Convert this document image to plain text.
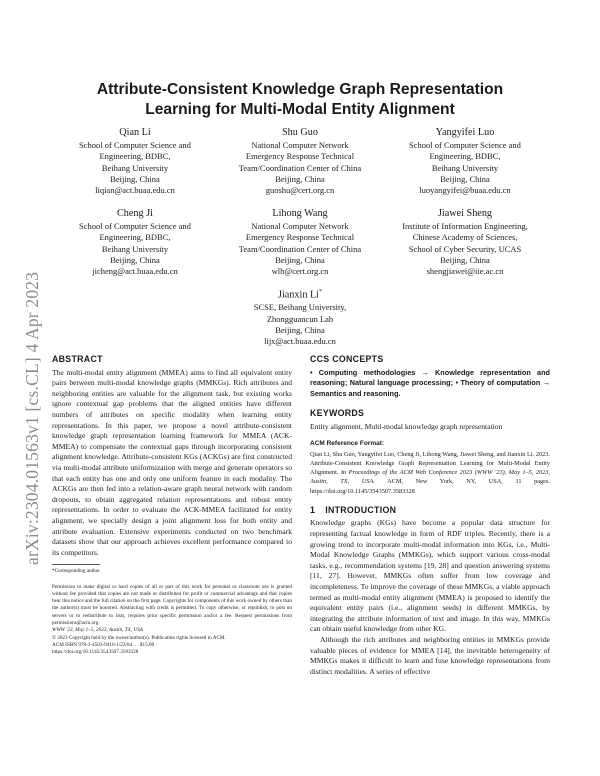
arXiv:2304.01563v1 [cs.CL] 4 Apr 2023
Attribute-Consistent Knowledge Graph Representation
Learning for Multi-Modal Entity Alignment
Qian Li
School of Computer Science and
Engineering, BDBC,
Beihang University
Beijing, China
liqian@act.buaa.edu.cn
Shu Guo
National Computer Network
Emergency Response Technical
Team/Coordination Center of China
Beijing, China
guoshu@cert.org.cn
Yangyifei Luo
School of Computer Science and
Engineering, BDBC,
Beihang University
Beijing, China
luoyangyifei@buaa.edu.cn
Cheng Ji
School of Computer Science and
Engineering, BDBC,
Beihang University
Beijing, China
jicheng@act.buaa.edu.cn
Lihong Wang
National Computer Network
Emergency Response Technical
Team/Coordination Center of China
Beijing, China
wlh@cert.org.cn
Jiawei Sheng
Institute of Information Engineering,
Chinese Academy of Sciences,
School of Cyber Security, UCAS
Beijing, China
shengjiawei@iie.ac.cn
Jianxin Li*
SCSE, Beihang University,
Zhongguancun Lab
Beijing, China
lijx@act.buaa.edu.cn
ABSTRACT

The multi-modal entity alignment (MMEA) aims to find all equivalent entity pairs between multi-modal knowledge graphs (MMKGs). Rich attributes and neighboring entities are valuable for the alignment task, but existing works ignore contextual gap problems that the aligned entities have different numbers of attributes on specific modality when learning entity representations. In this paper, we propose a novel attribute-consistent knowledge graph representation learning framework for MMEA (ACK-MMEA) to compensate the contextual gaps through incorporating consistent alignment knowledge. Attribute-consistent KGs (ACKGs) are first constructed via multi-modal attribute uniformization with merge and generate operators so that each entity has one and only one uniform feature in each modality. The ACKGs are then fed into a relation-aware graph neural network with random dropouts, to obtain aggregated relation representations and robust entity representations. In order to evaluate the ACK-MMEA facilitated for entity alignment, we specially design a joint alignment loss for both entity and attribute evaluation. Extensive experiments conducted on two benchmark datasets show that our approach achieves excellent performance compared to its competitors.

*Corresponding author
Permission to make digital or hard copies of all or part of this work for personal or classroom use is granted without fee provided that copies are not made or distributed for profit or commercial advantage and that copies bear this notice and the full citation on the first page. Copyrights for components of this work owned by others than the author(s) must be honored. Abstracting with credit is permitted. To copy otherwise, or republish, to post on servers or to redistribute to lists, requires prior specific permission and/or a fee. Request permissions from permissions@acm.org.
WWW '23, May 1–5, 2023, Austin, TX, USA
© 2023 Copyright held by the owner/author(s). Publication rights licensed to ACM.
ACM ISBN 978-1-4503-9416-1/23/04. . . $15.00
https://doi.org/10.1145/3543507.3583328
CCS CONCEPTS
• Computing methodologies → Knowledge representation and reasoning; Natural language processing; • Theory of computation → Semantics and reasoning.
KEYWORDS
Entity alignment, Multi-modal knowledge graph representation
ACM Reference Format:
Qian Li, Shu Guo, Yangyifei Luo, Cheng Ji, Lihong Wang, Jiawei Sheng, and Jianxin Li. 2023. Attribute-Consistent Knowledge Graph Representation Learning for Multi-Modal Entity Alignment. In Proceedings of the ACM Web Conference 2023 (WWW '23), May 1–5, 2023, Austin, TX, USA. ACM, New York, NY, USA, 11 pages. https://doi.org/10.1145/3543507.3583328
1 INTRODUCTION

Knowledge graphs (KGs) have become a popular data structure for representing factual knowledge in form of RDF triples. Recently, there is a growing trend to incorporate multi-modal information into KGs, i.e., Multi-Modal Knowledge Graphs (MMKGs), which support various cross-modal tasks, e.g., recommendation systems [19, 28] and question answering systems [11, 27]. However, MMKGs often suffer from low coverage and incompleteness. To improve the coverage of these MMKGs, a viable approach termed as multi-modal entity alignment (MMEA) is proposed to identify the equivalent entity pairs (i.e., alignment seeds) in different MMKGs, by integrating the attribute information of text and image. In this way, MMKGs can obtain useful knowledge from other KG.

Although the rich attributes and neighboring entities in MMKGs provide valuable pieces of evidence for MMEA [14], the inevitable heterogeneity of MMKGs makes it difficult to learn and fuse knowledge representations from distinct modalities. A series of effective
